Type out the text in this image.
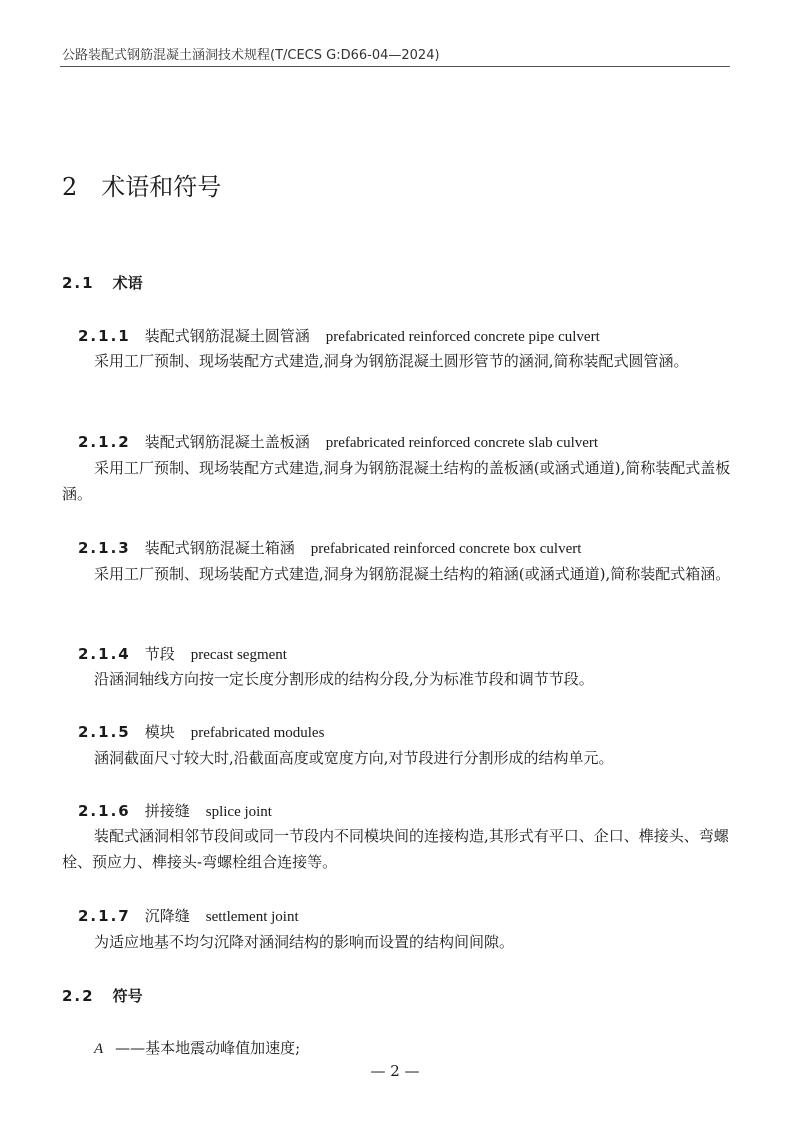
公路装配式钢筋混凝土涵洞技术规程(T/CECS G:D66-04—2024)
2 术语和符号
2.1 术语
2.1.1 装配式钢筋混凝土圆管涵 prefabricated reinforced concrete pipe culvert
采用工厂预制、现场装配方式建造,洞身为钢筋混凝土圆形管节的涵洞,简称装配式圆管涵。
2.1.2 装配式钢筋混凝土盖板涵 prefabricated reinforced concrete slab culvert
采用工厂预制、现场装配方式建造,洞身为钢筋混凝土结构的盖板涵(或涵式通道),简称装配式盖板涵。
2.1.3 装配式钢筋混凝土箱涵 prefabricated reinforced concrete box culvert
采用工厂预制、现场装配方式建造,洞身为钢筋混凝土结构的箱涵(或涵式通道),简称装配式箱涵。
2.1.4 节段 precast segment
沿涵洞轴线方向按一定长度分割形成的结构分段,分为标准节段和调节节段。
2.1.5 模块 prefabricated modules
涵洞截面尺寸较大时,沿截面高度或宽度方向,对节段进行分割形成的结构单元。
2.1.6 拼接缝 splice joint
装配式涵洞相邻节段间或同一节段内不同模块间的连接构造,其形式有平口、企口、榫接头、弯螺栓、预应力、榫接头-弯螺栓组合连接等。
2.1.7 沉降缝 settlement joint
为适应地基不均匀沉降对涵洞结构的影响而设置的结构间间隙。
2.2 符号
A ——基本地震动峰值加速度;
— 2 —
